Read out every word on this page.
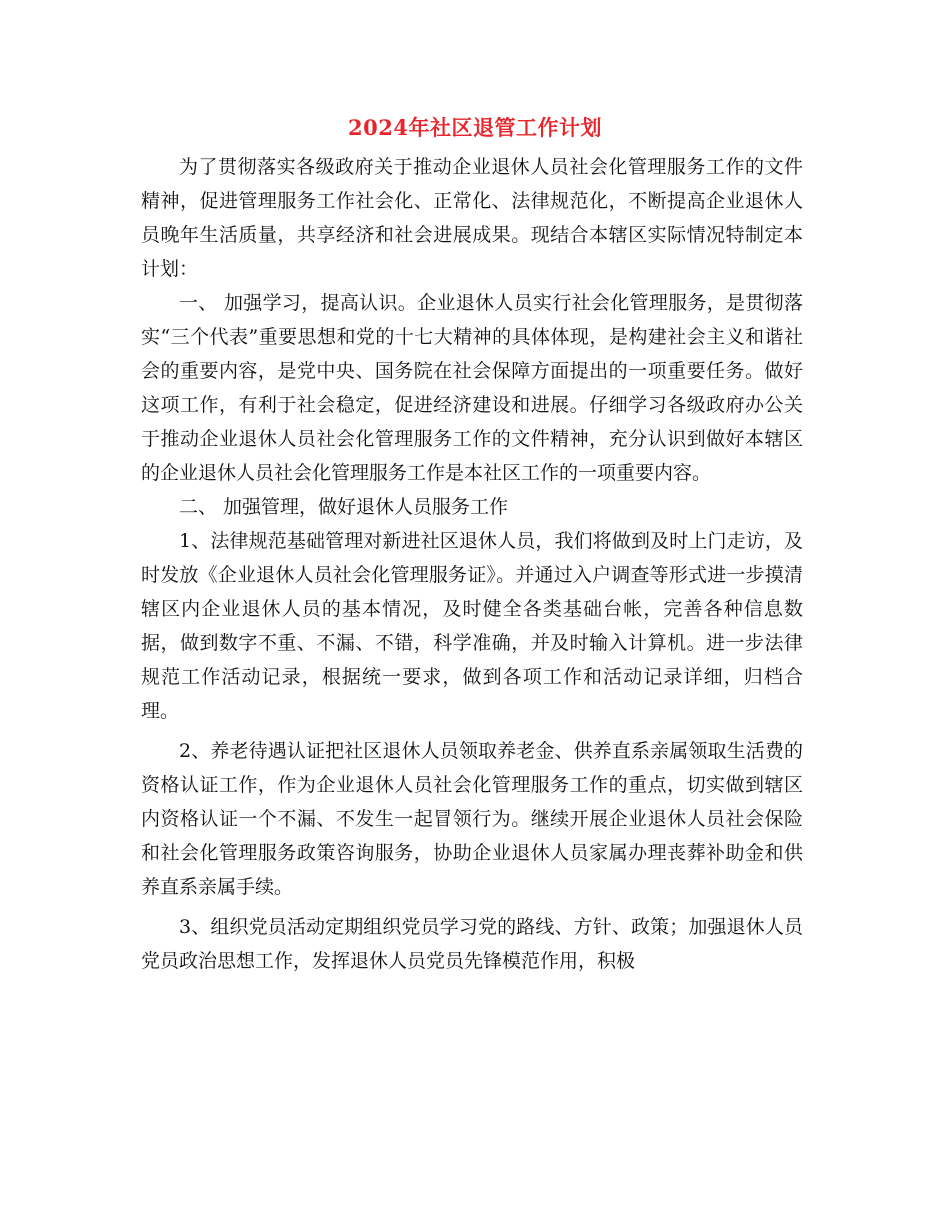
2024年社区退管工作计划

为了贯彻落实各级政府关于推动企业退休人员社会化管理服务工作的文件精神，促进管理服务工作社会化、正常化、法律规范化，不断提高企业退休人员晚年生活质量，共享经济和社会进展成果。现结合本辖区实际情况特制定本计划：

一、 加强学习，提高认识。企业退休人员实行社会化管理服务，是贯彻落实“三个代表”重要思想和党的十七大精神的具体体现，是构建社会主义和谐社会的重要内容，是党中央、国务院在社会保障方面提出的一项重要任务。做好这项工作，有利于社会稳定，促进经济建设和进展。仔细学习各级政府办公关于推动企业退休人员社会化管理服务工作的文件精神，充分认识到做好本辖区的企业退休人员社会化管理服务工作是本社区工作的一项重要内容。

二、 加强管理，做好退休人员服务工作

1、法律规范基础管理对新进社区退休人员，我们将做到及时上门走访，及时发放《企业退休人员社会化管理服务证》。并通过入户调查等形式进一步摸清辖区内企业退休人员的基本情况，及时健全各类基础台帐，完善各种信息数据，做到数字不重、不漏、不错，科学准确，并及时输入计算机。进一步法律规范工作活动记录，根据统一要求，做到各项工作和活动记录详细，归档合理。

2、养老待遇认证把社区退休人员领取养老金、供养直系亲属领取生活费的资格认证工作，作为企业退休人员社会化管理服务工作的重点，切实做到辖区内资格认证一个不漏、不发生一起冒领行为。继续开展企业退休人员社会保险和社会化管理服务政策咨询服务，协助企业退休人员家属办理丧葬补助金和供养直系亲属手续。

3、组织党员活动定期组织党员学习党的路线、方针、政策；加强退休人员党员政治思想工作，发挥退休人员党员先锋模范作用，积极
